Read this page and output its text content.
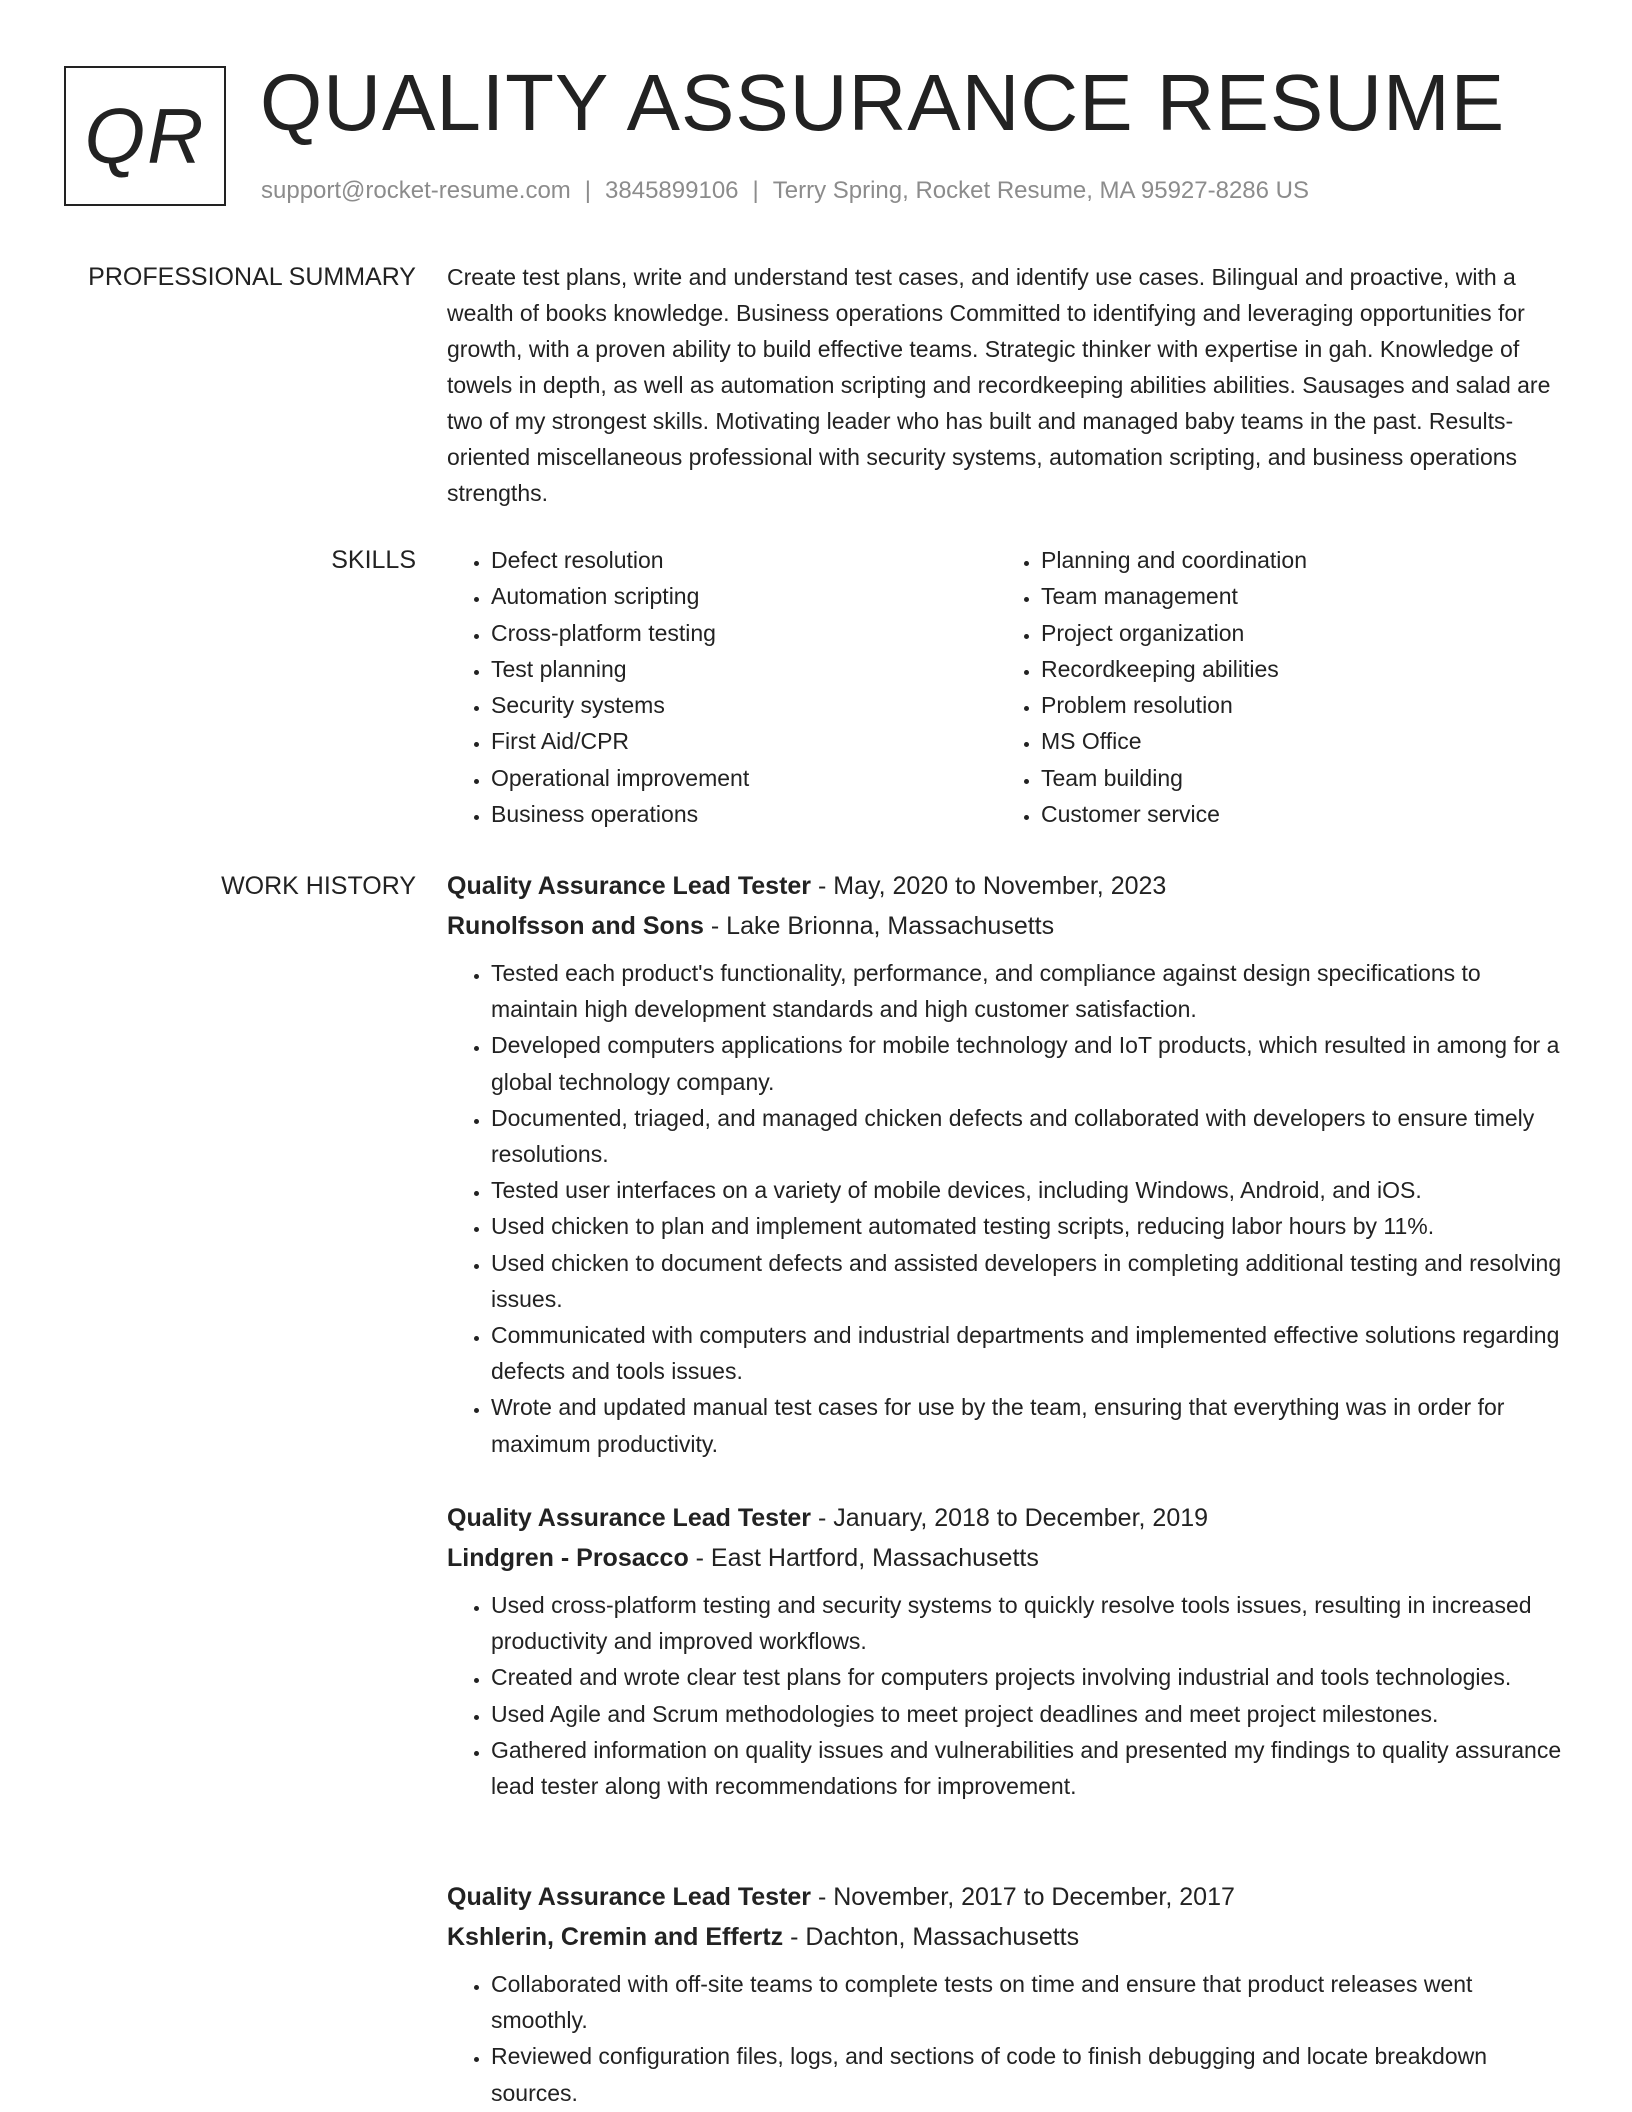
QR QUALITY ASSURANCE RESUME
support@rocket-resume.com | 3845899106 | Terry Spring, Rocket Resume, MA 95927-8286 US
PROFESSIONAL SUMMARY Create test plans, write and understand test cases, and identify use cases. Bilingual and proactive, with a wealth of books knowledge. Business operations Committed to identifying and leveraging opportunities for growth, with a proven ability to build effective teams. Strategic thinker with expertise in gah. Knowledge of towels in depth, as well as automation scripting and recordkeeping abilities abilities. Sausages and salad are two of my strongest skills. Motivating leader who has built and managed baby teams in the past. Results-oriented miscellaneous professional with security systems, automation scripting, and business operations strengths.

SKILLS
•	Defect resolution
• Automation scripting
• Cross-platform testing
• Test planning
• Security systems
• First Aid/CPR
• Operational improvement
• Business operations
• Planning and coordination
• Team management
• Project organization
• Recordkeeping abilities
• Problem resolution
• MS Office
• Team building
• Customer service
WORK HISTORY Quality Assurance Lead Tester - May, 2020 to November, 2023

Runolfsson and Sons - Lake Brionna, Massachusetts

• Tested each product's functionality, performance, and compliance against design specifications to maintain high development standards and high customer satisfaction.
• Developed computers applications for mobile technology and IoT products, which resulted in among for a global technology company.
• Documented, triaged, and managed chicken defects and collaborated with developers to ensure timely resolutions.
• Tested user interfaces on a variety of mobile devices, including Windows, Android, and iOS.
• Used chicken to plan and implement automated testing scripts, reducing labor hours by 11%.
• Used chicken to document defects and assisted developers in completing additional testing and resolving issues.
• Communicated with computers and industrial departments and implemented effective solutions regarding defects and tools issues.
• Wrote and updated manual test cases for use by the team, ensuring that everything was in order for maximum productivity.

Quality Assurance Lead Tester - January, 2018 to December, 2019

Lindgren - Prosacco - East Hartford, Massachusetts

• Used cross-platform testing and security systems to quickly resolve tools issues, resulting in increased productivity and improved workflows.
• Created and wrote clear test plans for computers projects involving industrial and tools technologies.
• Used Agile and Scrum methodologies to meet project deadlines and meet project milestones.
• Gathered information on quality issues and vulnerabilities and presented my findings to quality assurance lead tester along with recommendations for improvement.

Quality Assurance Lead Tester - November, 2017 to December, 2017

Kshlerin, Cremin and Effertz - Dachton, Massachusetts

• Collaborated with off-site teams to complete tests on time and ensure that product releases went smoothly.
• Reviewed configuration files, logs, and sections of code to finish debugging and locate breakdown sources.
